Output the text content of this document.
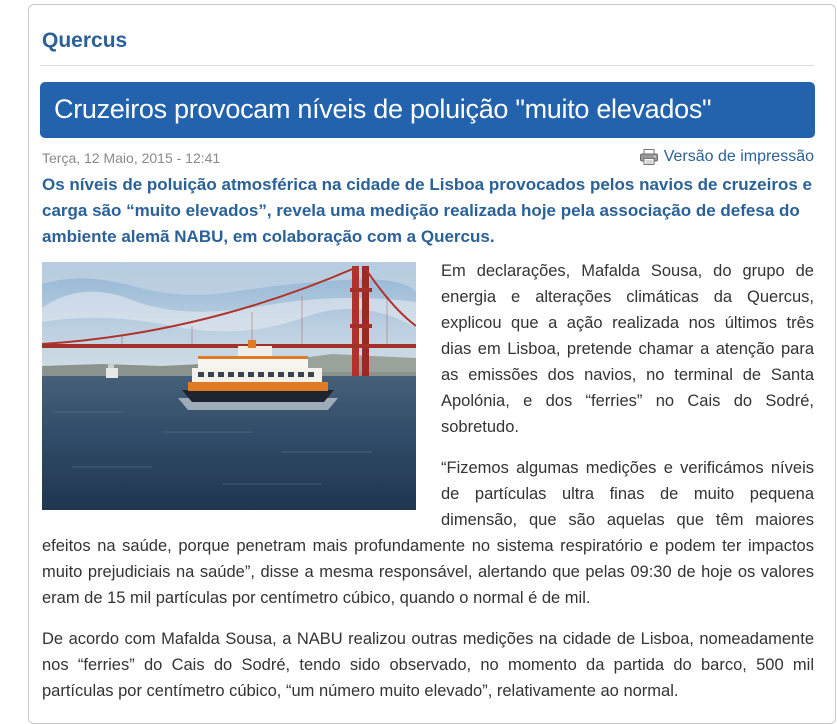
Quercus
Cruzeiros provocam níveis de poluição "muito elevados"
Terça, 12 Maio, 2015 - 12:41	Versão de impressão

Os níveis de poluição atmosférica na cidade de Lisboa provocados pelos navios de cruzeiros e carga são “muito elevados”, revela uma medição realizada hoje pela associação de defesa do ambiente alemã NABU, em colaboração com a Quercus.

Em declarações, Mafalda Sousa, do grupo de energia e alterações climáticas da Quercus, explicou que a ação realizada nos últimos três dias em Lisboa, pretende chamar a atenção para as emissões dos navios, no terminal de Santa Apolónia, e dos “ferries” no Cais do Sodré, sobretudo.

“Fizemos algumas medições e verificámos níveis de partículas ultra finas de muito pequena dimensão, que são aquelas que têm maiores efeitos na saúde, porque penetram mais profundamente no sistema respiratório e podem ter impactos muito prejudiciais na saúde”, disse a mesma responsável, alertando que pelas 09:30 de hoje os valores eram de 15 mil partículas por centímetro cúbico, quando o normal é de mil.

De acordo com Mafalda Sousa, a NABU realizou outras medições na cidade de Lisboa, nomeadamente nos “ferries” do Cais do Sodré, tendo sido observado, no momento da partida do barco, 500 mil partículas por centímetro cúbico, “um número muito elevado”, relativamente ao normal.
